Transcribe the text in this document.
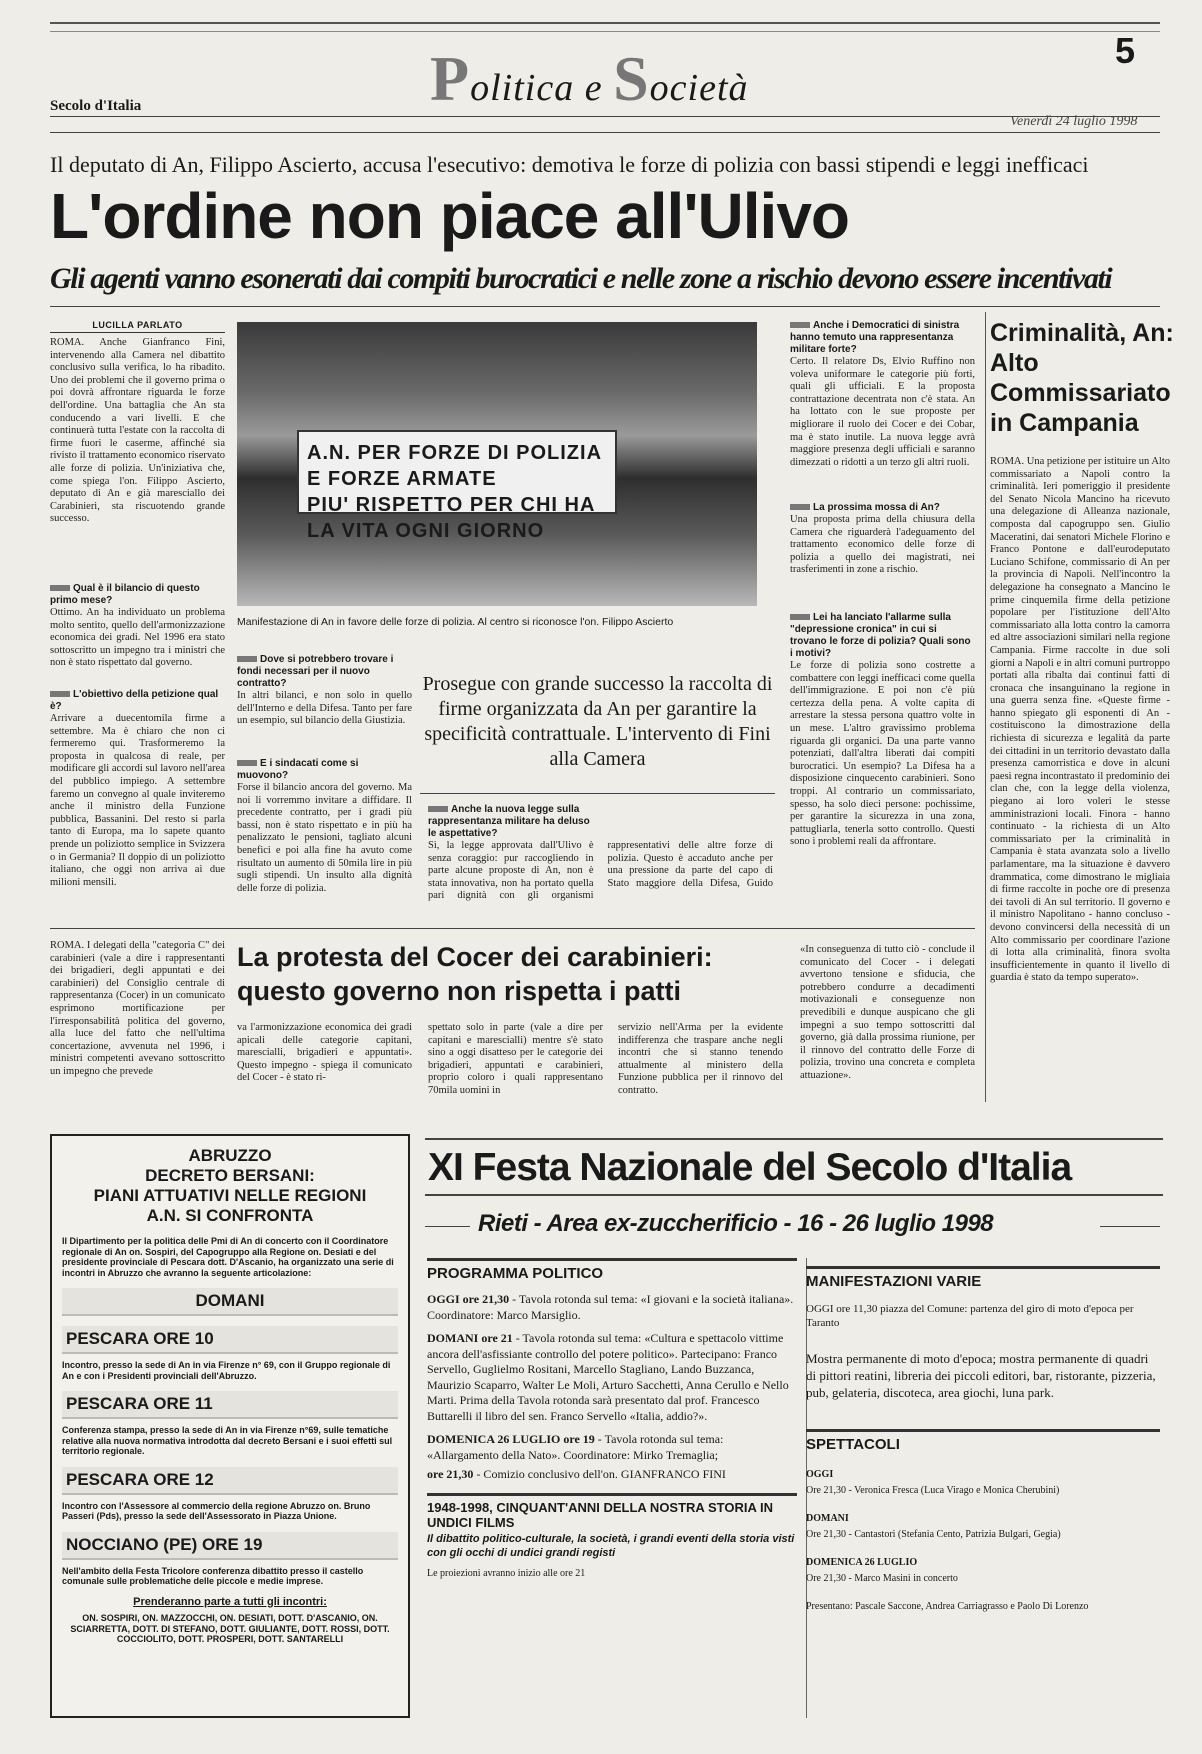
5
Politica e Società
Secolo d'Italia
Venerdì 24 luglio 1998
Il deputato di An, Filippo Ascierto, accusa l'esecutivo: demotiva le forze di polizia con bassi stipendi e leggi inefficaci
L'ordine non piace all'Ulivo
Gli agenti vanno esonerati dai compiti burocratici e nelle zone a rischio devono essere incentivati
LUCILLA PARLATO
ROMA. Anche Gianfranco Fini, intervenendo alla Camera nel dibattito conclusivo sulla verifica, lo ha ribadito. Uno dei problemi che il governo prima o poi dovrà affrontare riguarda le forze dell'ordine. Una battaglia che An sta conducendo a vari livelli. E che continuerà tutta l'estate con la raccolta di firme fuori le caserme, affinché sia rivisto il trattamento economico riservato alle forze di polizia. Un'iniziativa che, come spiega l'on. Filippo Ascierto, deputato di An e già maresciallo dei Carabinieri, sta riscuotendo grande successo.
Qual è il bilancio di questo primo mese?
Ottimo. An ha individuato un problema molto sentito, quello dell'armonizzazione economica dei gradi. Nel 1996 era stato sottoscritto un impegno tra i ministri che non è stato rispettato dal governo.
L'obiettivo della petizione qual è?
Arrivare a duecentomila firme a settembre. Ma è chiaro che non ci fermeremo qui. Trasformeremo la proposta in qualcosa di reale, per modificare gli accordi sul lavoro nell'area del pubblico impiego. A settembre faremo un convegno al quale inviteremo anche il ministro della Funzione pubblica, Bassanini. Del resto si parla tanto di Europa, ma lo sapete quanto prende un poliziotto semplice in Svizzera o in Germania? Il doppio di un poliziotto italiano, che oggi non arriva ai due milioni mensili.
A.N. PER FORZE DI POLIZIA E FORZE ARMATE
PIU' RISPETTO PER CHI HA LA VITA OGNI GIORNO
Manifestazione di An in favore delle forze di polizia. Al centro si riconosce l'on. Filippo Ascierto
Dove si potrebbero trovare i fondi necessari per il nuovo contratto?
In altri bilanci, e non solo in quello dell'Interno e della Difesa. Tanto per fare un esempio, sul bilancio della Giustizia.
E i sindacati come si muovono?
Forse il bilancio ancora del governo. Ma noi li vorremmo invitare a diffidare. Il precedente contratto, per i gradi più bassi, non è stato rispettato e in più ha penalizzato le pensioni, tagliato alcuni benefici e poi alla fine ha avuto come risultato un aumento di 50mila lire in più sugli stipendi. Un insulto alla dignità delle forze di polizia.
Prosegue con grande successo la raccolta di firme organizzata da An per garantire la specificità contrattuale. L'intervento di Fini alla Camera
Anche la nuova legge sulla rappresentanza militare ha deluso le aspettative?
Sì, la legge approvata dall'Ulivo è senza coraggio: pur raccogliendo in parte alcune proposte di An, non è stata innovativa, non ha portato quella pari dignità con gli organismi rappresentativi delle altre forze di polizia. Questo è accaduto anche per una pressione da parte del capo di Stato maggiore della Difesa, Guido
Anche i Democratici di sinistra hanno temuto una rappresentanza militare forte?
Certo. Il relatore Ds, Elvio Ruffino non voleva uniformare le categorie più forti, quali gli ufficiali. E la proposta contrattazione decentrata non c'è stata. An ha lottato con le sue proposte per migliorare il ruolo dei Cocer e dei Cobar, ma è stato inutile. La nuova legge avrà maggiore presenza degli ufficiali e saranno dimezzati o ridotti a un terzo gli altri ruoli.
La prossima mossa di An?
Una proposta prima della chiusura della Camera che riguarderà l'adeguamento del trattamento economico delle forze di polizia a quello dei magistrati, nei trasferimenti in zone a rischio.
Lei ha lanciato l'allarme sulla "depressione cronica" in cui si trovano le forze di polizia? Quali sono i motivi?
Le forze di polizia sono costrette a combattere con leggi inefficaci come quella dell'immigrazione. E poi non c'è più certezza della pena. A volte capita di arrestare la stessa persona quattro volte in un mese. L'altro gravissimo problema riguarda gli organici. Da una parte vanno potenziati, dall'altra liberati dai compiti burocratici. Un esempio? La Difesa ha a disposizione cinquecento carabinieri. Sono troppi. Al contrario un commissariato, spesso, ha solo dieci persone: pochissime, per garantire la sicurezza in una zona, pattugliarla, tenerla sotto controllo. Questi sono i problemi reali da affrontare.
Criminalità, An: Alto Commissariato in Campania
ROMA. Una petizione per istituire un Alto commissariato a Napoli contro la criminalità. Ieri pomeriggio il presidente del Senato Nicola Mancino ha ricevuto una delegazione di Alleanza nazionale, composta dal capogruppo sen. Giulio Maceratini, dai senatori Michele Florino e Franco Pontone e dall'eurodeputato Luciano Schifone, commissario di An per la provincia di Napoli. Nell'incontro la delegazione ha consegnato a Mancino le prime cinquemila firme della petizione popolare per l'istituzione dell'Alto commissariato alla lotta contro la camorra ed altre associazioni similari nella regione Campania. Firme raccolte in due soli giorni a Napoli e in altri comuni purtroppo portati alla ribalta dai continui fatti di cronaca che insanguinano la regione in una guerra senza fine. «Queste firme - hanno spiegato gli esponenti di An - costituiscono la dimostrazione della richiesta di sicurezza e legalità da parte dei cittadini in un territorio devastato dalla presenza camorristica e dove in alcuni paesi regna incontrastato il predominio dei clan che, con la legge della violenza, piegano ai loro voleri le stesse amministrazioni locali. Finora - hanno continuato - la richiesta di un Alto commissariato per la criminalità in Campania è stata avanzata solo a livello parlamentare, ma la situazione è davvero drammatica, come dimostrano le migliaia di firme raccolte in poche ore di presenza dei tavoli di An sul territorio. Il governo e il ministro Napolitano - hanno concluso - devono convincersi della necessità di un Alto commissario per coordinare l'azione di lotta alla criminalità, finora svolta insufficientemente in quanto il livello di guardia è stato da tempo superato».
ROMA. I delegati della "categoria C" dei carabinieri (vale a dire i rappresentanti dei brigadieri, degli appuntati e dei carabinieri) del Consiglio centrale di rappresentanza (Cocer) in un comunicato esprimono mortificazione per l'irresponsabilità politica del governo, alla luce del fatto che nell'ultima concertazione, avvenuta nel 1996, i ministri competenti avevano sottoscritto un impegno che prevede
La protesta del Cocer dei carabinieri: questo governo non rispetta i patti
va l'armonizzazione economica dei gradi apicali delle categorie capitani, marescialli, brigadieri e appuntati». Questo impegno - spiega il comunicato del Cocer - è stato ri-
spettato solo in parte (vale a dire per capitani e marescialli) mentre s'è stato sino a oggi disatteso per le categorie dei brigadieri, appuntati e carabinieri, proprio coloro i quali rappresentano 70mila uomini in
servizio nell'Arma per la evidente indifferenza che traspare anche negli incontri che si stanno tenendo attualmente al ministero della Funzione pubblica per il rinnovo del contratto.
«In conseguenza di tutto ciò - conclude il comunicato del Cocer - i delegati avvertono tensione e sfiducia, che potrebbero condurre a decadimenti motivazionali e conseguenze non prevedibili e dunque auspicano che gli impegni a suo tempo sottoscritti dal governo, già dalla prossima riunione, per il rinnovo del contratto delle Forze di polizia, trovino una concreta e completa attuazione».
ABRUZZO
DECRETO BERSANI:
PIANI ATTUATIVI NELLE REGIONI
A.N. SI CONFRONTA
Il Dipartimento per la politica delle Pmi di An di concerto con il Coordinatore regionale di An on. Sospiri, del Capogruppo alla Regione on. Desiati e del presidente provinciale di Pescara dott. D'Ascanio, ha organizzato una serie di incontri in Abruzzo che avranno la seguente articolazione:
DOMANI
PESCARA ORE 10
Incontro, presso la sede di An in via Firenze n° 69, con il Gruppo regionale di An e con i Presidenti provinciali dell'Abruzzo.
PESCARA ORE 11
Conferenza stampa, presso la sede di An in via Firenze n°69, sulle tematiche relative alla nuova normativa introdotta dal decreto Bersani e i suoi effetti sul territorio regionale.
PESCARA ORE 12
Incontro con l'Assessore al commercio della regione Abruzzo on. Bruno Passeri (Pds), presso la sede dell'Assessorato in Piazza Unione.
NOCCIANO (PE) ORE 19
Nell'ambito della Festa Tricolore conferenza dibattito presso il castello comunale sulle problematiche delle piccole e medie imprese.
Prenderanno parte a tutti gli incontri:
ON. SOSPIRI, ON. MAZZOCCHI, ON. DESIATI, DOTT. D'ASCANIO, ON. SCIARRETTA, DOTT. DI STEFANO, DOTT. GIULIANTE, DOTT. ROSSI, DOTT. COCCIOLITO, DOTT. PROSPERI, DOTT. SANTARELLI
XI Festa Nazionale del Secolo d'Italia
Rieti - Area ex-zuccherificio - 16 - 26 luglio 1998
PROGRAMMA POLITICO
OGGI ore 21,30 - Tavola rotonda sul tema: «I giovani e la società italiana». Coordinatore: Marco Marsiglio.
DOMANI ore 21 - Tavola rotonda sul tema: «Cultura e spettacolo vittime ancora dell'asfissiante controllo del potere politico». Partecipano: Franco Servello, Guglielmo Rositani, Marcello Stagliano, Lando Buzzanca, Maurizio Scaparro, Walter Le Moli, Arturo Sacchetti, Anna Cerullo e Nello Marti. Prima della Tavola rotonda sarà presentato dal prof. Francesco Buttarelli il libro del sen. Franco Servello «Italia, addio?».
DOMENICA 26 LUGLIO ore 19 - Tavola rotonda sul tema: «Allargamento della Nato». Coordinatore: Mirko Tremaglia;
ore 21,30 - Comizio conclusivo dell'on. GIANFRANCO FINI
1948-1998, CINQUANT'ANNI DELLA NOSTRA STORIA IN UNDICI FILMS
Il dibattito politico-culturale, la società, i grandi eventi della storia visti con gli occhi di undici grandi registi
Le proiezioni avranno inizio alle ore 21
MANIFESTAZIONI VARIE
OGGI ore 11,30 piazza del Comune: partenza del giro di moto d'epoca per Taranto
Mostra permanente di moto d'epoca; mostra permanente di quadri di pittori reatini, libreria dei piccoli editori, bar, ristorante, pizzeria, pub, gelateria, discoteca, area giochi, luna park.
SPETTACOLI
OGGI
Ore 21,30 - Veronica Fresca (Luca Virago e Monica Cherubini)
DOMANI
Ore 21,30 - Cantastori (Stefania Cento, Patrizia Bulgari, Gegia)
DOMENICA 26 LUGLIO
Ore 21,30 - Marco Masini in concerto
Presentano: Pascale Saccone, Andrea Carriagrasso e Paolo Di Lorenzo
